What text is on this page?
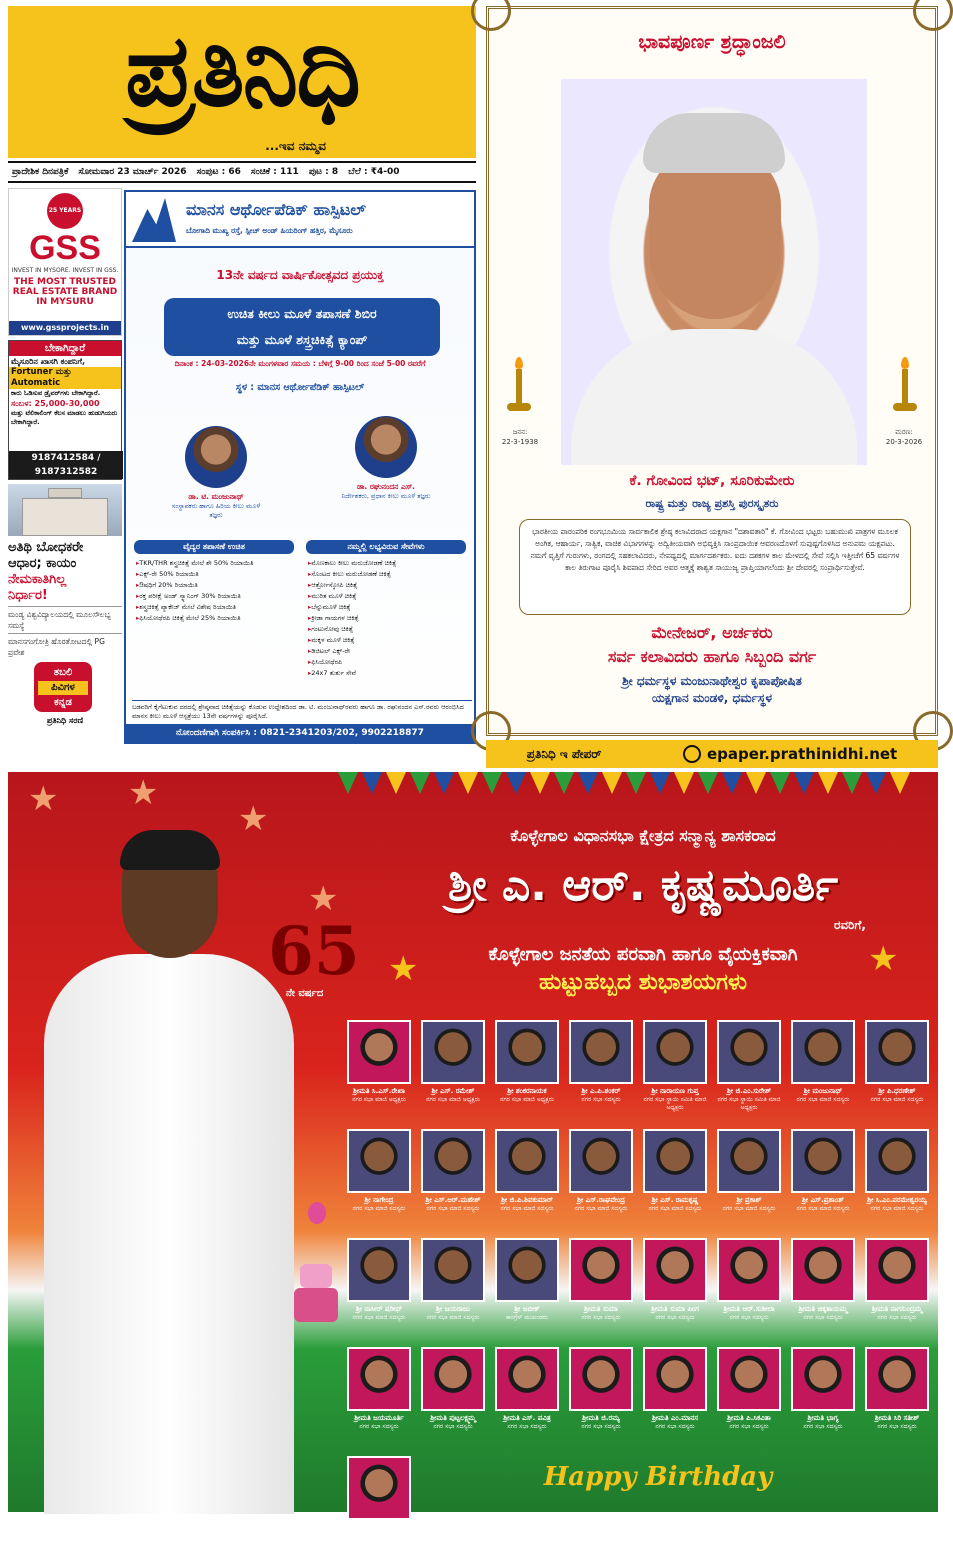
ಪ್ರತಿನಿಧಿ
...ಇವ ನಮ್ಮವ
ಪ್ರಾದೇಶಿಕ ದಿನಪತ್ರಿಕೆ ಸೋಮವಾರ 23 ಮಾರ್ಚ್ 2026 ಸಂಪುಟ : 66 ಸಂಚಿಕೆ : 111 ಪುಟ : 8 ಬೆಲೆ : ₹4-00
25 YEARS
GSS
INVEST IN MYSORE. INVEST IN GSS.
THE MOST TRUSTED REAL ESTATE BRAND IN MYSURU
www.gssprojects.in
ಬೇಕಾಗಿದ್ದಾರೆ
ಮೈಸೂರಿನ ಖಾಸಗಿ ಕಂಪನಿಗೆ,
Fortuner ಮತ್ತು Automatic
ಕಾರು ಓಡಿಸುವ ಡ್ರೈವರ್‌ಗಳು ಬೇಕಾಗಿದ್ದಾರೆ.
ಸಂಬಳ: 25,000-30,000
ಮತ್ತು ಟೆಲಿಕಾಲಿಂಗ್ ಕೆಲಸ ಮಾಡಲು ಹುಡುಗಿಯರು ಬೇಕಾಗಿದ್ದಾರೆ.
9187412584 / 9187312582
ಅತಿಥಿ ಬೋಧಕರೇ
ಆಧಾರ; ಕಾಯಂ
ನೇಮಕಾತಿಗಿಲ್ಲ
ನಿರ್ಧಾರ!
ಮಂಡ್ಯ ವಿಶ್ವವಿದ್ಯಾಲಯದಲ್ಲಿ ಮೂಲಸೌಲಭ್ಯ ಸಮಸ್ಯೆ
ಮಾನಸಗಂಗೋತ್ರಿ ಹೊರತೋಟದಲ್ಲಿ PG ಪ್ರವೇಶ
ತಬಲಿ
ಪಿವಿಗಳ
ಕನ್ನಡ
ಪ್ರತಿನಿಧಿ ಸರಣಿ
ಮಾನಸ ಆರ್ಥೋಪೆಡಿಕ್ ಹಾಸ್ಪಿಟಲ್
ಬೋಗಾದಿ ಮುಖ್ಯ ರಸ್ತೆ, ಸ್ಪೀಚ್ ಅಂಡ್ ಹಿಯರಿಂಗ್ ಹತ್ತಿರ, ಮೈಸೂರು
13ನೇ ವರ್ಷದ ವಾರ್ಷಿಕೋತ್ಸವದ ಪ್ರಯುಕ್ತ
ಉಚಿತ ಕೀಲು ಮೂಳೆ ತಪಾಸಣೆ ಶಿಬಿರ
ಮತ್ತು ಮೂಳೆ ಶಸ್ತ್ರಚಿಕಿತ್ಸೆ ಕ್ಯಾಂಪ್
ದಿನಾಂಕ : 24-03-2026ನೇ ಮಂಗಳವಾರ ಸಮಯ : ಬೆಳಿಗ್ಗೆ 9-00 ರಿಂದ ಸಂಜೆ 5-00 ರವರೆಗೆ
ಸ್ಥಳ : ಮಾನಸ ಆರ್ಥೋಪೆಡಿಕ್ ಹಾಸ್ಪಿಟಲ್
ಡಾ. ಟಿ. ಮಂಜುನಾಥ್
ಸಂಸ್ಥಾಪಕರು ಹಾಗೂ ಹಿರಿಯ ಕೀಲು ಮೂಳೆ ತಜ್ಞರು
ಡಾ. ರಘುನಂದನ ಎಸ್.
ನಿರ್ದೇಶಕರು, ಪ್ರಧಾನ ಕೀಲು ಮೂಳೆ ತಜ್ಞರು
ವೈದ್ಯರ ತಪಾಸಣೆ ಉಚಿತ	ನಮ್ಮಲ್ಲಿ ಲಭ್ಯವಿರುವ ಸೇವೆಗಳು
▸ TKR/THR ಶಸ್ತ್ರಚಿಕಿತ್ಸೆ ಮೇಲೆ ಶೇ 50% ರಿಯಾಯಿತಿ
▸ ಎಕ್ಸ್-ರೇ 50% ರಿಯಾಯಿತಿ
▸ ಔಷಧಿಗೆ 20% ರಿಯಾಯಿತಿ
▸ ರಕ್ತ ಪರೀಕ್ಷೆ ಅಂಡ್ ಸ್ಕ್ಯಾನಿಂಗ್ 30% ರಿಯಾಯಿತಿ
▸ ಶಸ್ತ್ರಚಿಕಿತ್ಸೆ ಪ್ಯಾಕೇಜ್ ಮೇಲೆ ವಿಶೇಷ ರಿಯಾಯಿತಿ
▸ ಫಿಸಿಯೋಥೆರಪಿ ಚಿಕಿತ್ಸೆ ಮೇಲೆ 25% ರಿಯಾಯಿತಿ
▸ ಮೊಣಕಾಲು ಕೀಲು ಮರುಜೋಡಣೆ ಚಿಕಿತ್ಸೆ
▸ ಸೊಂಟದ ಕೀಲು ಮರುಜೋಡಣೆ ಚಿಕಿತ್ಸೆ
▸ ಆರ್ತ್ರೋಸ್ಕೋಪಿ ಚಿಕಿತ್ಸೆ
▸ ಮುರಿತ ಮೂಳೆ ಚಿಕಿತ್ಸೆ
▸ ಬೆನ್ನುಮೂಳೆ ಚಿಕಿತ್ಸೆ
▸ ಕ್ರೀಡಾ ಗಾಯಗಳ ಚಿಕಿತ್ಸೆ
▸ ಗಂಟುನೋವು ಚಿಕಿತ್ಸೆ
▸ ಮಕ್ಕಳ ಮೂಳೆ ಚಿಕಿತ್ಸೆ
▸ ಡಿಜಿಟಲ್ ಎಕ್ಸ್-ರೇ
▸ ಫಿಸಿಯೋಥೆರಪಿ
▸ 24x7 ತುರ್ತು ಸೇವೆ
ಬಡವರಿಗೆ ಕೈಗೆಟುಕುವ ದರದಲ್ಲಿ ಶ್ರೇಷ್ಠವಾದ ಚಿಕಿತ್ಸೆಯನ್ನು ಕೊಡುವ ಉದ್ದೇಶದಿಂದ ಡಾ. ಟಿ. ಮಂಜುನಾಥ್‌ರವರು ಹಾಗೂ ಡಾ. ರಘುನಂದನ ಎಸ್.ರವರು ಆರಂಭಿಸಿದ ಮಾನಸ ಕೀಲು ಮೂಳೆ ಆಸ್ಪತ್ರೆಯು 13ನೇ ವರ್ಷಗಳನ್ನು ಪೂರೈಸಿದೆ.
ನೋಂದಣಿಗಾಗಿ ಸಂಪರ್ಕಿಸಿ : 0821-2341203/202, 9902218877
ಭಾವಪೂರ್ಣ ಶ್ರದ್ಧಾಂಜಲಿ
ಜನನ:
22-3-1938
ಮರಣ:
20-3-2026
ಕೆ. ಗೋವಿಂದ ಭಟ್, ಸೂರಿಕುಮೇರು
ರಾಷ್ಟ್ರ ಮತ್ತು ರಾಜ್ಯ ಪ್ರಶಸ್ತಿ ಪುರಸ್ಕೃತರು
ಭಾರತೀಯ ಪಾರಂಪರಿಕ ರಂಗಭೂಮಿಯ ಸಾರ್ವಕಾಲಿಕ ಶ್ರೇಷ್ಠ ಕಲಾವಿದರಾದ ಯಕ್ಷಗಾನ "ದಶಾವತಾರಿ" ಕೆ. ಗೋವಿಂದ ಭಟ್ಟರು ಬಹುಮುಖಿ ಪಾತ್ರಗಳ ಮೂಲಕ ಅಂಗಿಕ, ಆಹಾರ್ಯ, ಸಾತ್ವಿಕ, ವಾಚಿಕ ವಿಭಾಗಗಳನ್ನು ಅದ್ವಿತೀಯವಾಗಿ ಅಭಿವ್ಯಕ್ತಿಸಿ ಸಾಂಪ್ರದಾಯಿಕ ಆವರಣದೊಳಗೆ ಸುಪುಷ್ಟಗೊಳಿಸಿದ ಅನುಪಮ ಯಕ್ಷಪಟು. ನಮಗೆ ವೃತ್ತಿಗೆ ಗುರುಗಳು, ರಂಗದಲ್ಲಿ ಸಹಕಲಾವಿದರು, ನೇಪಥ್ಯದಲ್ಲಿ ಮಾರ್ಗದರ್ಶಕರು. ಐದು ದಶಕಗಳ ಕಾಲ ಮೇಳದಲ್ಲಿ ಸೇವೆ ಸಲ್ಲಿಸಿ ಇತ್ತೀಚೆಗೆ 65 ವರ್ಷಗಳ ಕಾಲ ತಿರುಗಾಟ ಪೂರೈಸಿ ಶಿವಪಾದ ಸೇರಿದ ಅವರ ಆತ್ಮಕ್ಕೆ ಶಾಶ್ವತ ಸಾಯುಜ್ಯ ಪ್ರಾಪ್ತಿಯಾಗಲೆಂದು ಶ್ರೀ ದೇವರಲ್ಲಿ ಸಂಪ್ರಾರ್ಥಿಸುತ್ತೇವೆ.
ಮೇನೇಜರ್, ಅರ್ಚಕರು
ಸರ್ವ ಕಲಾವಿದರು ಹಾಗೂ ಸಿಬ್ಬಂದಿ ವರ್ಗ
ಶ್ರೀ ಧರ್ಮಸ್ಥಳ ಮಂಜುನಾಥೇಶ್ವರ ಕೃಪಾಪೋಷಿತ
ಯಕ್ಷಗಾನ ಮಂಡಳಿ, ಧರ್ಮಸ್ಥಳ
ಪ್ರತಿನಿಧಿ ಇ ಪೇಪರ್	epaper.prathinidhi.net
★ ★
★
★
★
★
ಕೊಳ್ಳೇಗಾಲ ವಿಧಾನಸಭಾ ಕ್ಷೇತ್ರದ ಸನ್ಮಾನ್ಯ ಶಾಸಕರಾದ
ಶ್ರೀ ಎ. ಆರ್. ಕೃಷ್ಣಮೂರ್ತಿ
ರವರಿಗೆ,
ಕೊಳ್ಳೇಗಾಲ ಜನತೆಯ ಪರವಾಗಿ ಹಾಗೂ ವೈಯಕ್ತಿಕವಾಗಿ
ಹುಟ್ಟುಹಬ್ಬದ ಶುಭಾಶಯಗಳು
65
ನೇ ವರ್ಷದ
ಶ್ರೀಮತಿ ಸಿ.ಎಸ್.ರೇಖಾ
ನಗರ ಸಭಾ ಮಾಜಿ ಅಧ್ಯಕ್ಷರು
ಶ್ರೀ ಎಸ್. ರಮೇಶ್
ನಗರ ಸಭಾ ಮಾಜಿ ಅಧ್ಯಕ್ಷರು
ಶ್ರೀ ಶಂಕರನಾಯಕ
ನಗರ ಸಭಾ ಮಾಜಿ ಅಧ್ಯಕ್ಷರು
ಶ್ರೀ ಎ.ಪಿ.ಶಂಕರ್
ನಗರ ಸಭಾ ಸದಸ್ಯರು
ಶ್ರೀ ನಾರಾಯಣ ಗುಪ್ತ
ನಗರ ಸಭಾ ಸ್ಥಾಯಿ ಸಮಿತಿ ಮಾಜಿ ಅಧ್ಯಕ್ಷರು
ಶ್ರೀ ಜಿ.ಎಂ.ಸುರೇಶ್
ನಗರ ಸಭಾ ಸ್ಥಾಯಿ ಸಮಿತಿ ಮಾಜಿ ಅಧ್ಯಕ್ಷರು
ಶ್ರೀ ಮಂಜುನಾಥ್
ನಗರ ಸಭಾ ಮಾಜಿ ಸದಸ್ಯರು
ಶ್ರೀ ಪಿ.ಧರಣೇಶ್
ನಗರ ಸಭಾ ಮಾಜಿ ಸದಸ್ಯರು
ಶ್ರೀ ನಾಗೇಂದ್ರ
ನಗರ ಸಭಾ ಮಾಜಿ ಸದಸ್ಯರು
ಶ್ರೀ ಎಸ್.ಆರ್.ಮಹೇಶ್
ನಗರ ಸಭಾ ಮಾಜಿ ಸದಸ್ಯರು
ಶ್ರೀ ಜಿ.ಪಿ.ಶಿವಕುಮಾರ್
ನಗರ ಸಭಾ ಮಾಜಿ ಸದಸ್ಯರು
ಶ್ರೀ ಎಸ್.ರಾಘವೇಂದ್ರ
ನಗರ ಸಭಾ ಮಾಜಿ ಸದಸ್ಯರು
ಶ್ರೀ ಎಸ್. ರಾಮಕೃಷ್ಣ
ನಗರ ಸಭಾ ಮಾಜಿ ಸದಸ್ಯರು
ಶ್ರೀ ಪ್ರಕಾಶ್
ನಗರ ಸಭಾ ಮಾಜಿ ಸದಸ್ಯರು
ಶ್ರೀ ಎಸ್.ಪ್ರಶಾಂತ್
ನಗರ ಸಭಾ ಮಾಜಿ ಸದಸ್ಯರು
ಶ್ರೀ ಸಿ.ಎಂ.ಪರಮೇಶ್ವರಯ್ಯ
ನಗರ ಸಭಾ ಮಾಜಿ ಸದಸ್ಯರು
ಶ್ರೀ ನಾಸೀರ್ ಷರೀಫ್
ನಗರ ಸಭಾ ಮಾಜಿ ಸದಸ್ಯರು
ಶ್ರೀ ಜಯರಾಜು
ನಗರ ಸಭಾ ಮಾಜಿ ಸದಸ್ಯರು
ಶ್ರೀ ಜಬೀಕ್
ಕಾಂಗ್ರೆಸ್ ಮುಖಂಡರು
ಶ್ರೀಮತಿ ಸುಮಾ
ನಗರ ಸಭಾ ಸದಸ್ಯರು
ಶ್ರೀಮತಿ ಸುಮಾ ಪಿಂಗ
ನಗರ ಸಭಾ ಸದಸ್ಯರು
ಶ್ರೀಮತಿ ಆರ್.ಸುಶೀಲಾ
ನಗರ ಸಭಾ ಸದಸ್ಯರು
ಶ್ರೀಮತಿ ಚಿಕ್ಕತಾಯಮ್ಮ
ನಗರ ಸಭಾ ಸದಸ್ಯರು
ಶ್ರೀಮತಿ ನಾಗಸುಂದ್ರಮ್ಮ
ನಗರ ಸಭಾ ಸದಸ್ಯರು
ಶ್ರೀಮತಿ ಜಯಮೂರ್ತಿ
ನಗರ ಸಭಾ ಸದಸ್ಯರು
ಶ್ರೀಮತಿ ಪುಟ್ಟಲಕ್ಷ್ಮಮ್ಮ
ನಗರ ಸಭಾ ಸದಸ್ಯರು
ಶ್ರೀಮತಿ ಎಸ್. ಪವಿತ್ರ
ನಗರ ಸಭಾ ಸದಸ್ಯರು
ಶ್ರೀಮತಿ ಜಿ.ರಮ್ಯ
ನಗರ ಸಭಾ ಸದಸ್ಯರು
ಶ್ರೀಮತಿ ಎಂ.ಮಾನಸ
ನಗರ ಸಭಾ ಸದಸ್ಯರು
ಶ್ರೀಮತಿ ಪಿ.ಸಿಕವಿತಾ
ನಗರ ಸಭಾ ಸದಸ್ಯರು
ಶ್ರೀಮತಿ ಭಾಗ್ಯ
ನಗರ ಸಭಾ ಸದಸ್ಯರು
ಶ್ರೀಮತಿ ಸಿರಿ ಸತೀಶ್
ನಗರ ಸಭಾ ಸದಸ್ಯರು
ಶ್ರೀಮತಿ ಎಂ.ಕವಿತಾ
ನಗರ ಸಭಾ ಸದಸ್ಯರು
Happy Birthday
